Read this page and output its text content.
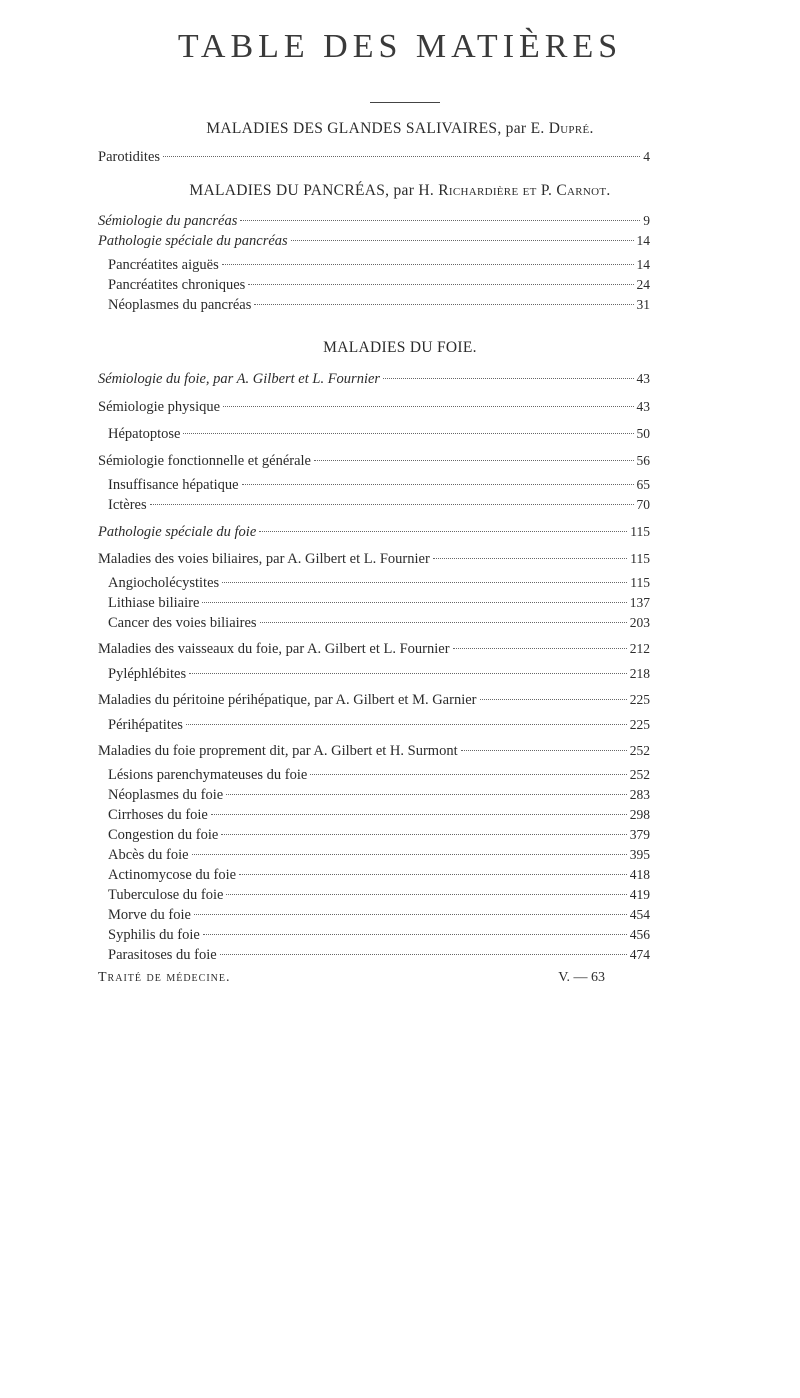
TABLE DES MATIÈRES
MALADIES DES GLANDES SALIVAIRES, par E. Dupré.
Parotidites	4
MALADIES DU PANCRÉAS, par H. Richardière et P. Carnot.
Sémiologie du pancréas	9
Pathologie spéciale du pancréas	14
Pancréatites aiguës	14
Pancréatites chroniques	24
Néoplasmes du pancréas	31
MALADIES DU FOIE.
Sémiologie du foie, par A. Gilbert et L. Fournier	43
Sémiologie physique	43
Hépatoptose	50
Sémiologie fonctionnelle et générale	56
Insuffisance hépatique	65
Ictères	70
Pathologie spéciale du foie	115
Maladies des voies biliaires, par A. Gilbert et L. Fournier	115
Angiocholécystites	115
Lithiase biliaire	137
Cancer des voies biliaires	203
Maladies des vaisseaux du foie, par A. Gilbert et L. Fournier	212
Pyléphlébites	218
Maladies du péritoine périhépatique, par A. Gilbert et M. Garnier	225
Périhépatites	225
Maladies du foie proprement dit, par A. Gilbert et H. Surmont	252
Lésions parenchymateuses du foie	252
Néoplasmes du foie	283
Cirrhoses du foie	298
Congestion du foie	379
Abcès du foie	395
Actinomycose du foie	418
Tuberculose du foie	419
Morve du foie	454
Syphilis du foie	456
Parasitoses du foie	474
Traité de médecine.	V. — 63
